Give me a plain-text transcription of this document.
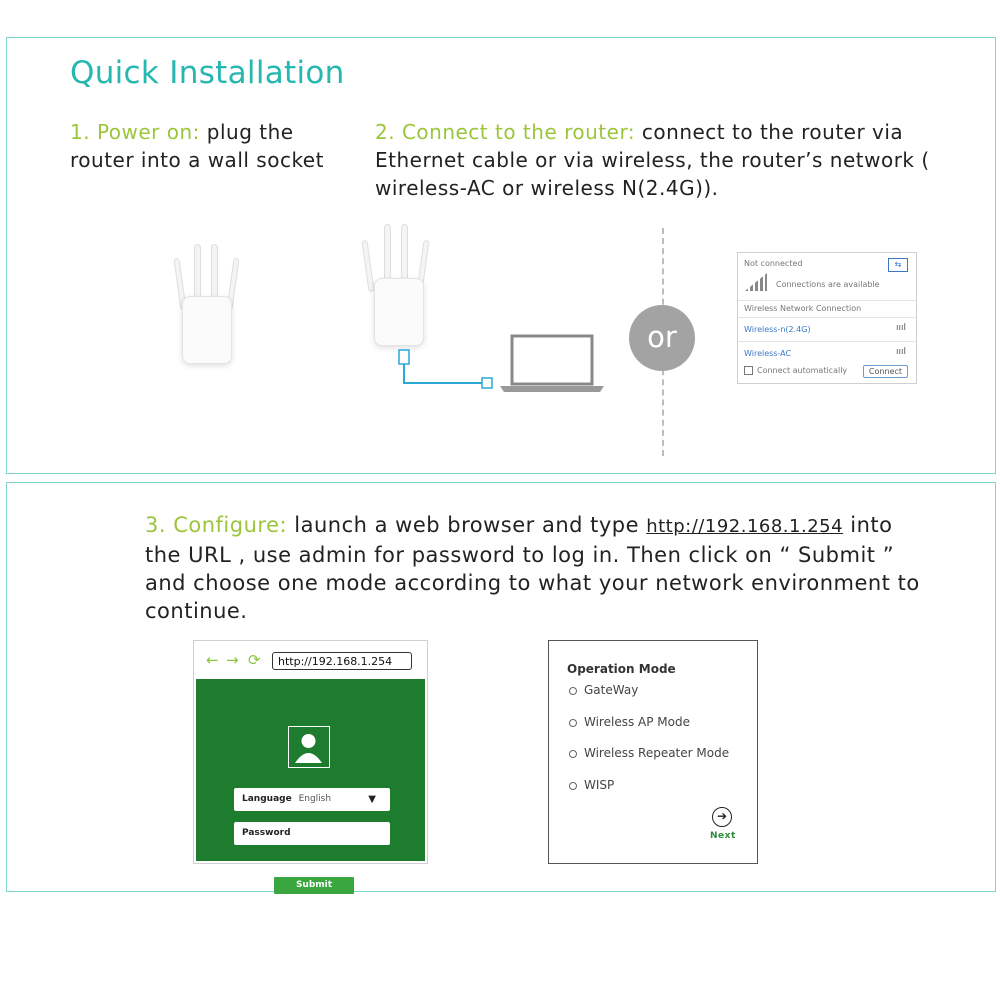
Quick Installation
1. Power on: plug the router into a wall socket
2. Connect to the router: connect to the router via Ethernet cable or via wireless, the router’s network ( wireless-AC or wireless N(2.4G)).
or
Not connected	⇆
Connections are available
Wireless Network Connection
Wireless-n(2.4G)	ıııl
Wireless-AC	ıııl
Connect automatically	Connect
3. Configure: launch a web browser and type http://192.168.1.254 into the URL , use admin for password to log in. Then click on “ Submit ” and choose one mode according to what your network environment to continue.
← → ⟳	http://192.168.1.254
Language English	▼
Password
Submit
Operation Mode
GateWay
Wireless AP Mode
Wireless Repeater Mode
WISP
➔
Next
